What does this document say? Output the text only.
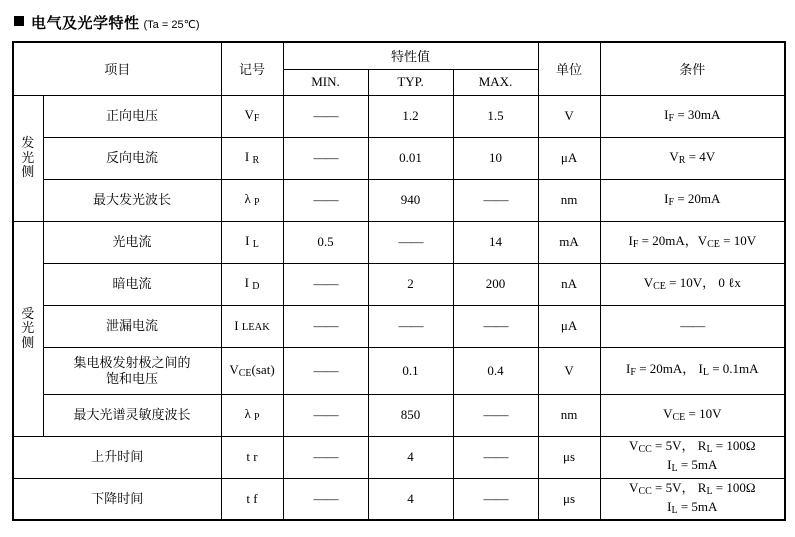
电气及光学特性 (Ta = 25℃)
项目		记号	特性值			单位	条件
			MIN.	TYP.	MAX.		
发
光
侧	正向电压	$V_F$	——	1.2	1.5	V	$I_F = 30mA$
	反向电流	I $_R$	——	0.01	10	μA	$V_R = 4V$
	最大发光波长	λ $_P$	——	940	——	nm	$I_F = 20mA$
受
光
侧	光电流	I $_L$	0.5	——	14	mA	$I_F = 20mA$，$V_{CE} = 10V$
	暗电流	I $_D$	——	2	200	nA	$V_{CE} = 10V$， 0 ℓx
	泄漏电流	I LEAK	——	——	——	μA	——

	集电极发射极之间的
饱和电压	$V_{CE}(sat)$	——	0.1	0.4	V	$I_F = 20mA$， $I_L = 0.1mA$
	最大光谱灵敏度波长	λ $_P$	——	850	——	nm	$V_{CE} = 10V$
上升时间		t r	——	4	——	μs	$V_{CC} = 5V$， $R_L = 100\Omega$
$I_L = 5mA$

下降时间		t f	——	4	——	μs	$V_{CC} = 5V$， $R_L = 100\Omega$
$I_L = 5mA$
